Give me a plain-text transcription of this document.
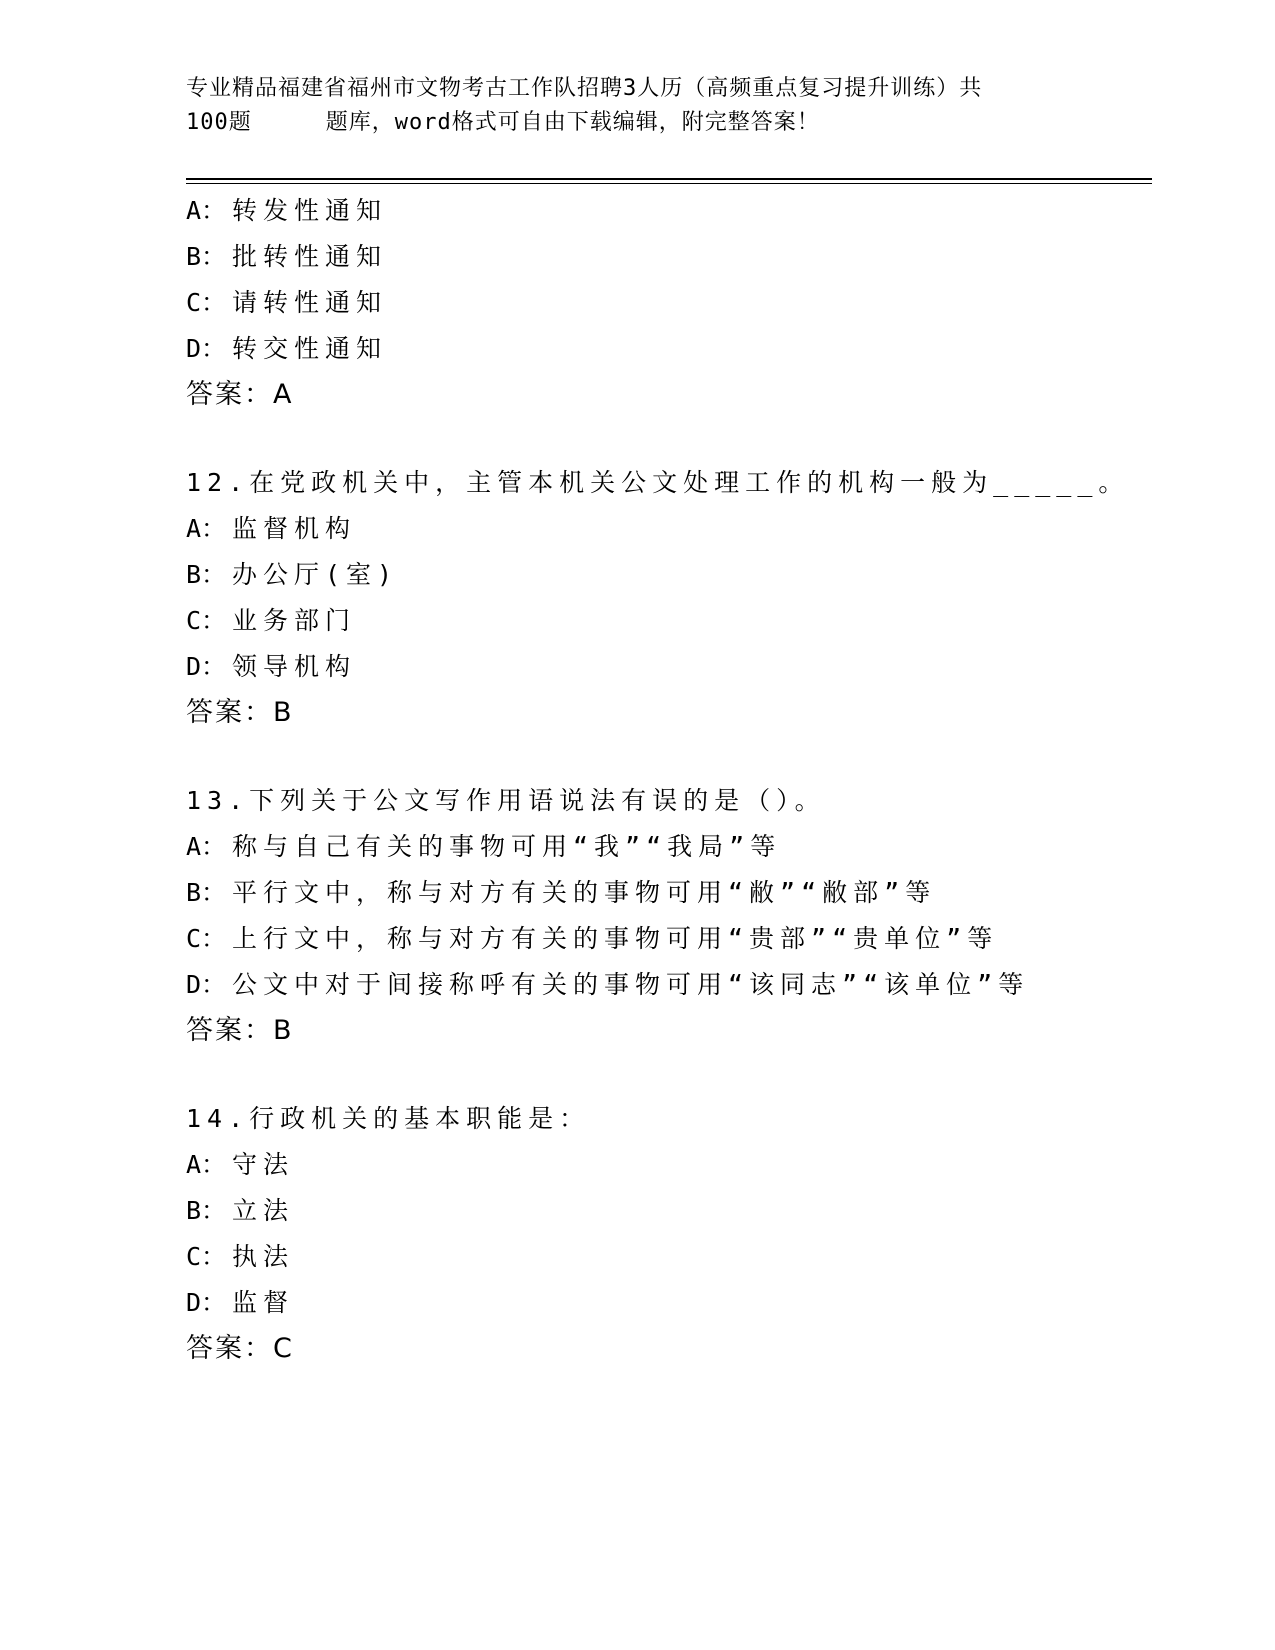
专业精品福建省福州市文物考古工作队招聘3人历（高频重点复习提升训练）共
100题	题库，word格式可自由下载编辑，附完整答案！
A： 转发性通知
B： 批转性通知
C： 请转性通知
D： 转交性通知
答案：A
12.在党政机关中，主管本机关公文处理工作的机构一般为_____。
A： 监督机构
B： 办公厅(室)
C： 业务部门
D： 领导机构
答案：B
13.下列关于公文写作用语说法有误的是（）。
A： 称与自己有关的事物可用“我”“我局”等
B： 平行文中，称与对方有关的事物可用“敝”“敝部”等
C： 上行文中，称与对方有关的事物可用“贵部”“贵单位”等
D： 公文中对于间接称呼有关的事物可用“该同志”“该单位”等
答案：B
14.行政机关的基本职能是：
A： 守法
B： 立法
C： 执法
D： 监督
答案：C
